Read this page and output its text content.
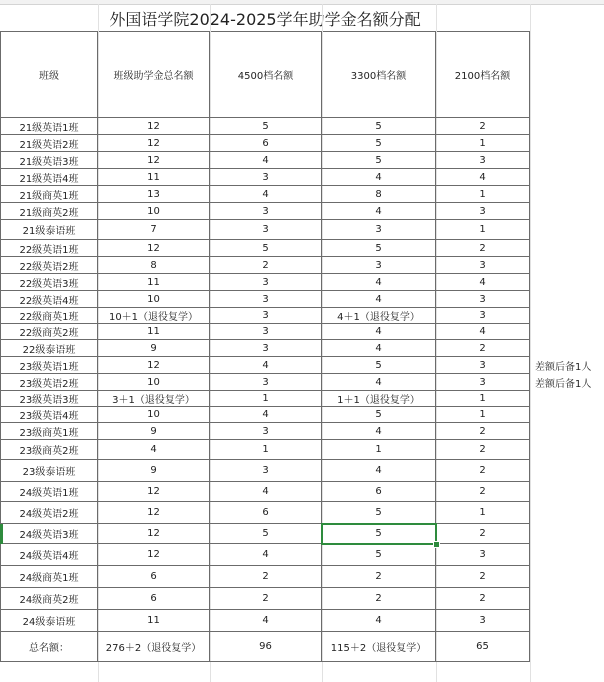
外国语学院2024-2025学年助学金名额分配
班级	班级助学金总名额	4500档名额	3300档名额	2100档名额
21级英语1班	12	5	5	2
21级英语2班	12	6	5	1
21级英语3班	12	4	5	3
21级英语4班	11	3	4	4
21级商英1班	13	4	8	1
21级商英2班	10	3	4	3
21级泰语班	7	3	3	1
22级英语1班	12	5	5	2
22级英语2班	8	2	3	3
22级英语3班	11	3	4	4
22级英语4班	10	3	4	3
22级商英1班	10＋1（退役复学）	3	4＋1（退役复学）	3
22级商英2班	11	3	4	4
22级泰语班	9	3	4	2
23级英语1班	12	4	5	3
23级英语2班	10	3	4	3
23级英语3班	3＋1（退役复学）	1	1＋1（退役复学）	1
23级英语4班	10	4	5	1
23级商英1班	9	3	4	2
23级商英2班	4	1	1	2
23级泰语班	9	3	4	2
24级英语1班	12	4	6	2
24级英语2班	12	6	5	1
24级英语3班	12	5	5	2
24级英语4班	12	4	5	3
24级商英1班	6	2	2	2
24级商英2班	6	2	2	2
24级泰语班	11	4	4	3
总名额：	276＋2（退役复学）	96	115＋2（退役复学）	65
差额后备1人
差额后备1人
